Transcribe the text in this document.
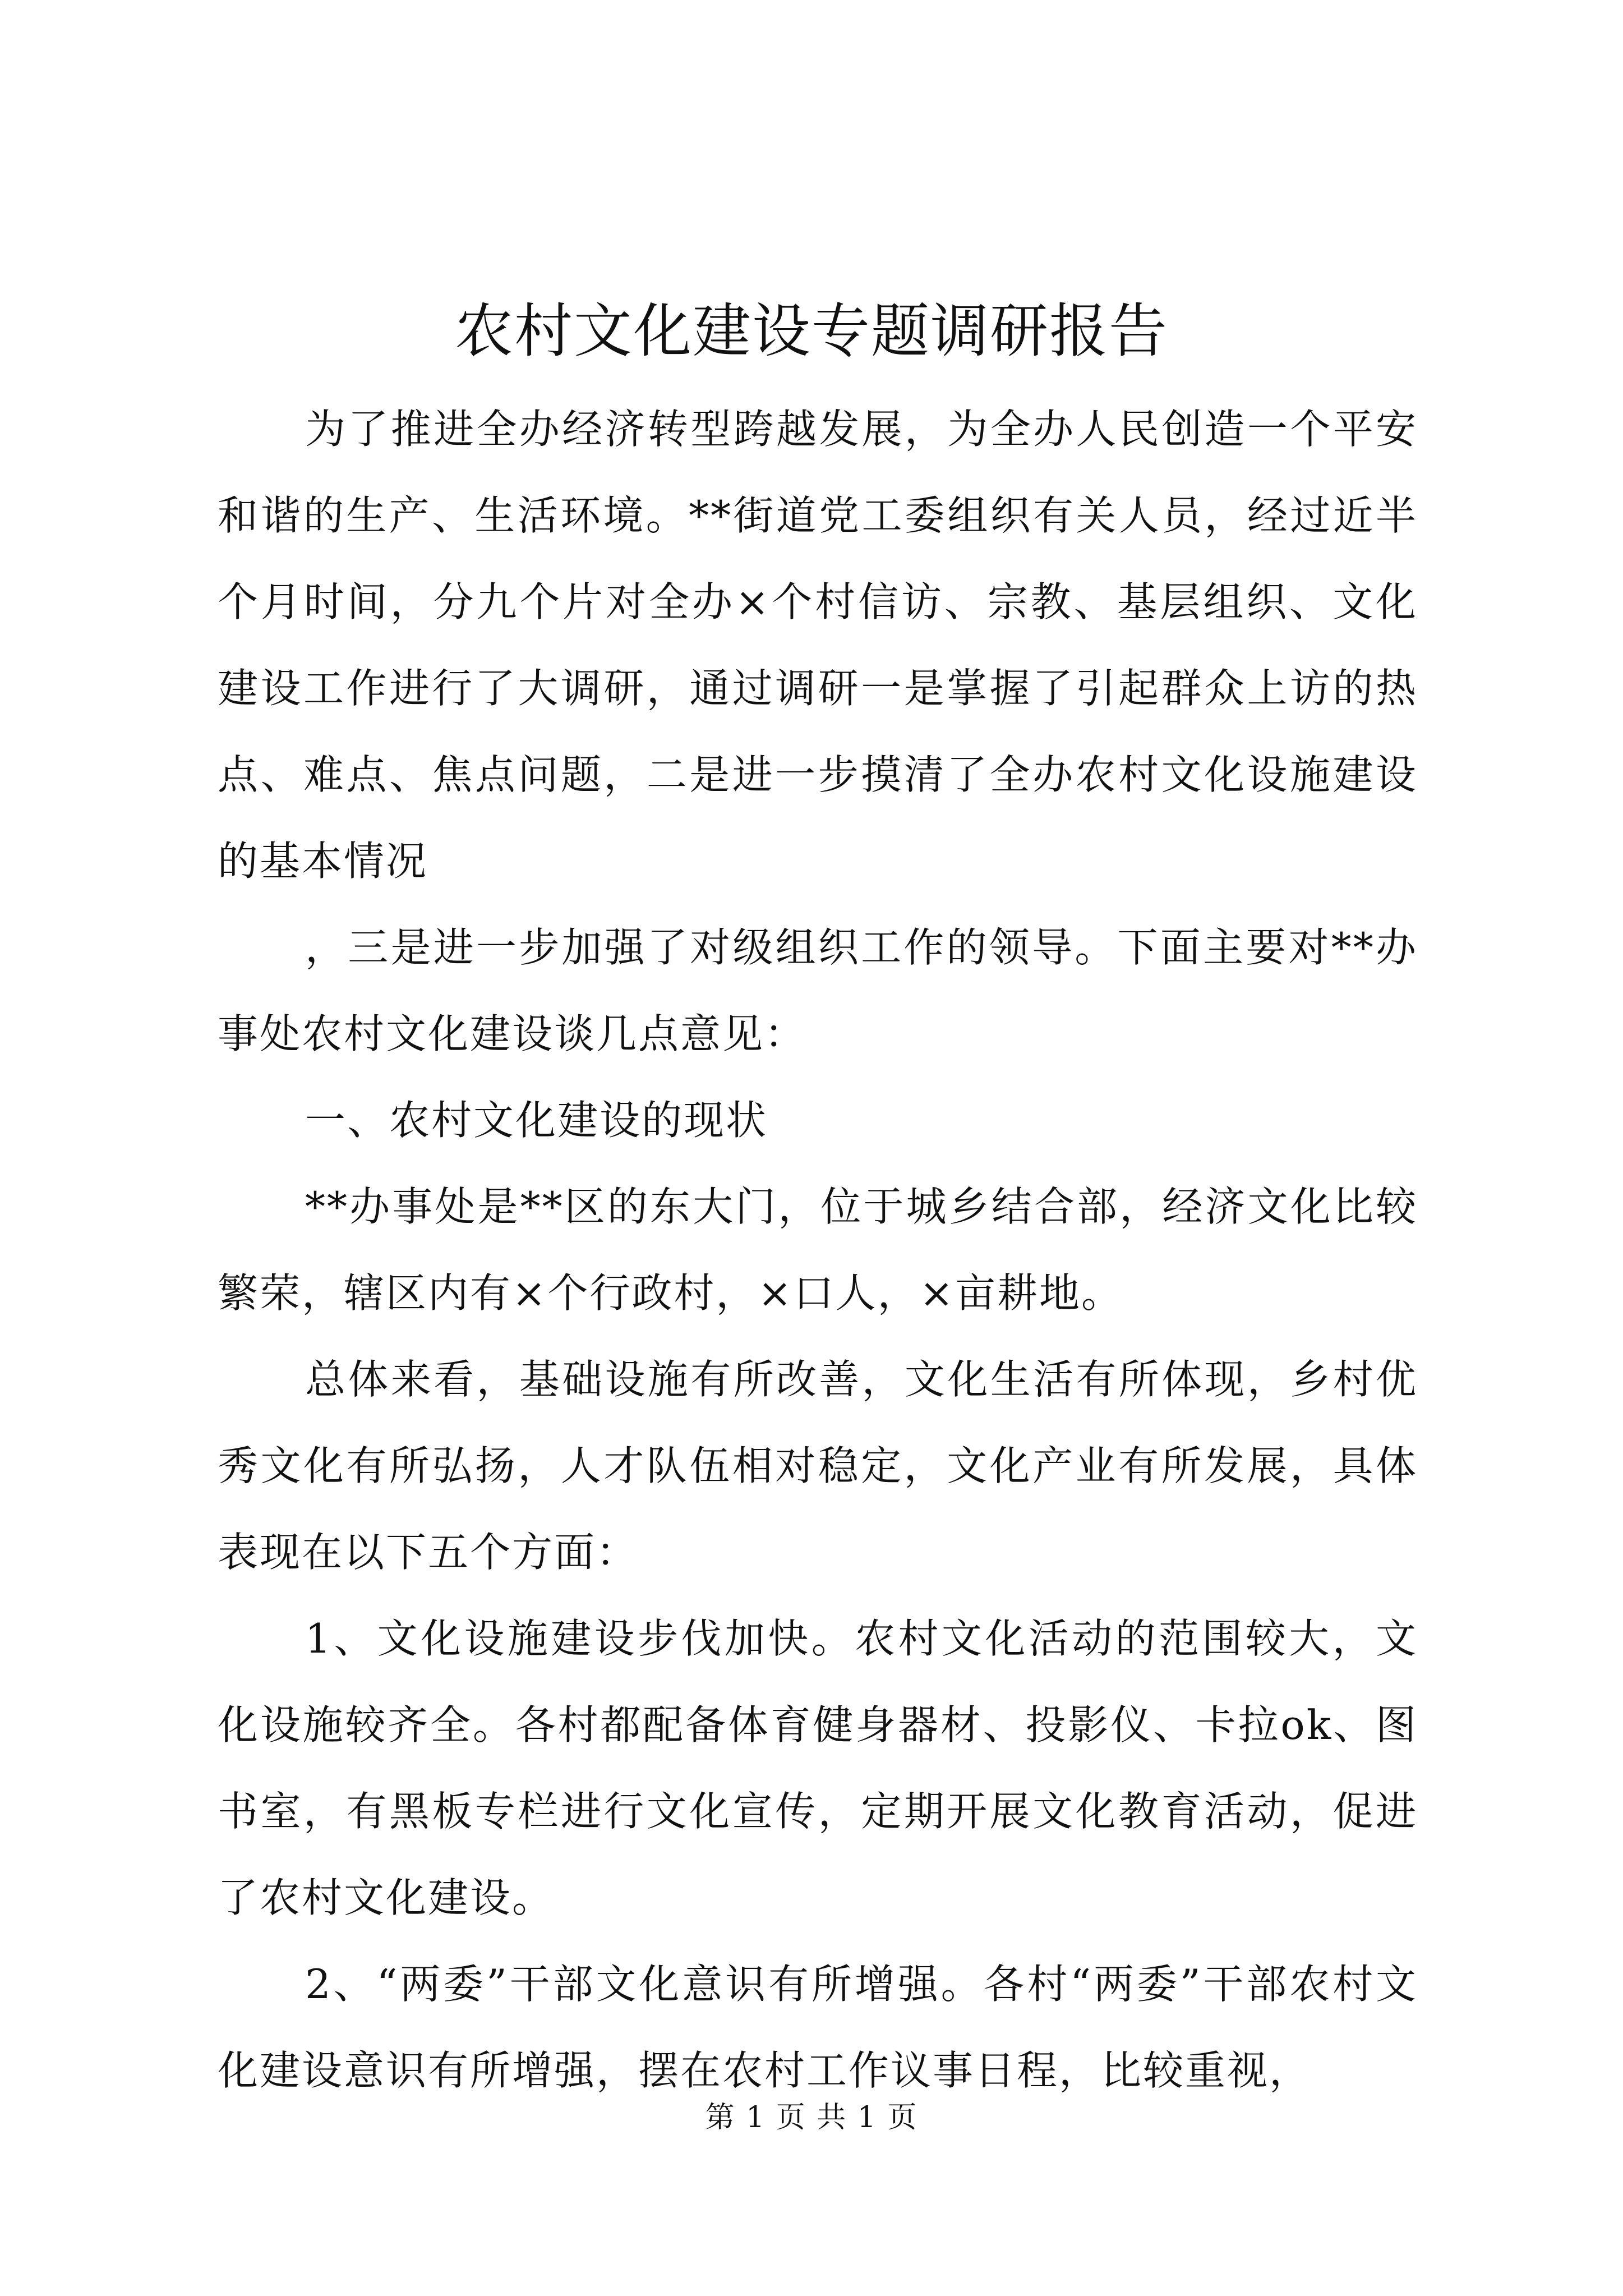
农村文化建设专题调研报告

为了推进全办经济转型跨越发展，为全办人民创造一个平安和谐的生产、生活环境。**街道党工委组织有关人员，经过近半个月时间，分九个片对全办×个村信访、宗教、基层组织、文化建设工作进行了大调研，通过调研一是掌握了引起群众上访的热点、难点、焦点问题，二是进一步摸清了全办农村文化设施建设的基本情况

，三是进一步加强了对级组织工作的领导。下面主要对**办事处农村文化建设谈几点意见：

一、农村文化建设的现状

**办事处是**区的东大门，位于城乡结合部，经济文化比较繁荣，辖区内有×个行政村，×口人，×亩耕地。

总体来看，基础设施有所改善，文化生活有所体现，乡村优秀文化有所弘扬，人才队伍相对稳定，文化产业有所发展，具体表现在以下五个方面：

1、文化设施建设步伐加快。农村文化活动的范围较大，文化设施较齐全。各村都配备体育健身器材、投影仪、卡拉ok、图书室，有黑板专栏进行文化宣传，定期开展文化教育活动，促进了农村文化建设。

2、“两委”干部文化意识有所增强。各村“两委”干部农村文化建设意识有所增强，摆在农村工作议事日程，比较重视，

第 1 页 共 1 页
